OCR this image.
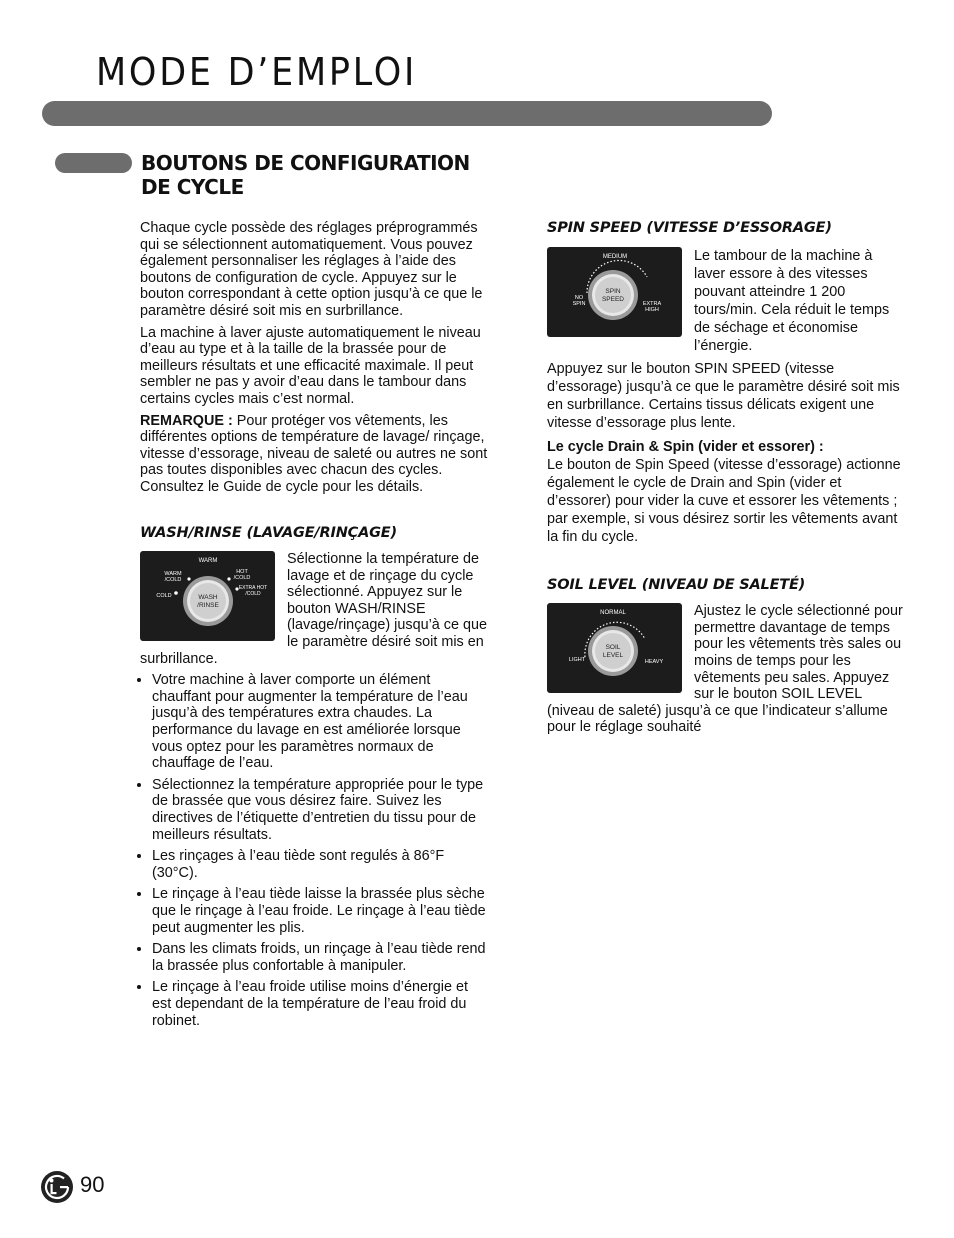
MODE D’EMPLOI
BOUTONS DE CONFIGURATION DE CYCLE

Chaque cycle possède des réglages préprogrammés qui se sélectionnent automatiquement. Vous pouvez également personnaliser les réglages à l’aide des boutons de configuration de cycle. Appuyez sur le bouton correspondant à cette option jusqu’à ce que le paramètre désiré soit mis en surbrillance.

La machine à laver ajuste automatiquement le niveau d’eau au type et à la taille de la brassée pour de meilleurs résultats et une efficacité maximale. Il peut sembler ne pas y avoir d’eau dans le tambour dans certains cycles mais c’est normal.

REMARQUE : Pour protéger vos vêtements, les différentes options de température de lavage/ rinçage, vitesse d’essorage, niveau de saleté ou autres ne sont pas toutes disponibles avec chacun des cycles. Consultez le Guide de cycle pour les détails.

WASH/RINSE (LAVAGE/RINÇAGE)
WARM
WARM /COLD
COLD
HOT /COLD
EXTRA HOT /COLD
WASH
/RINSE

Sélectionne la température de lavage et de rinçage du cycle sélectionné. Appuyez sur le bouton WASH/RINSE (lavage/rinçage) jusqu’à ce que le paramètre désiré soit mis en surbrillance.

• Votre machine à laver comporte un élément chauffant pour augmenter la température de l’eau jusqu’à des températures extra chaudes. La performance du lavage en est améliorée lorsque vous optez pour les paramètres normaux de chauffage de l’eau.
• Sélectionnez la température appropriée pour le type de brassée que vous désirez faire. Suivez les directives de l’étiquette d’entretien du tissu pour de meilleurs résultats.
• Les rinçages à l’eau tiède sont regulés à 86°F (30°C).
• Le rinçage à l’eau tiède laisse la brassée plus sèche que le rinçage à l’eau froide. Le rinçage à l’eau tiède peut augmenter les plis.
• Dans les climats froids, un rinçage à l’eau tiède rend la brassée plus confortable à manipuler.
• Le rinçage à l’eau froide utilise moins d’énergie et est dependant de la température de l’eau froid du robinet.
SPIN SPEED (VITESSE D’ESSORAGE)
MEDIUM
NO SPIN	EXTRA HIGH
SPIN
SPEED

Le tambour de la machine à laver essore à des vitesses pouvant atteindre 1 200 tours/min. Cela réduit le temps de séchage et économise l’énergie.

Appuyez sur le bouton SPIN SPEED (vitesse d’essorage) jusqu’à ce que le paramètre désiré soit mis en surbrillance. Certains tissus délicats exigent une vitesse d’essorage plus lente.

Le cycle Drain & Spin (vider et essorer) :
Le bouton de Spin Speed (vitesse d’essorage) actionne également le cycle de Drain and Spin (vider et d’essorer) pour vider la cuve et essorer les vêtements ; par exemple, si vous désirez sortir les vêtements avant la fin du cycle.

SOIL LEVEL (NIVEAU DE SALETÉ)
NORMAL
LIGHT	HEAVY
SOIL
LEVEL

Ajustez le cycle sélectionné pour permettre davantage de temps pour les vêtements très sales ou moins de temps pour les vêtements peu sales. Appuyez sur le bouton SOIL LEVEL (niveau de saleté) jusqu’à ce que l’indicateur s’allume pour le réglage souhaité

90
